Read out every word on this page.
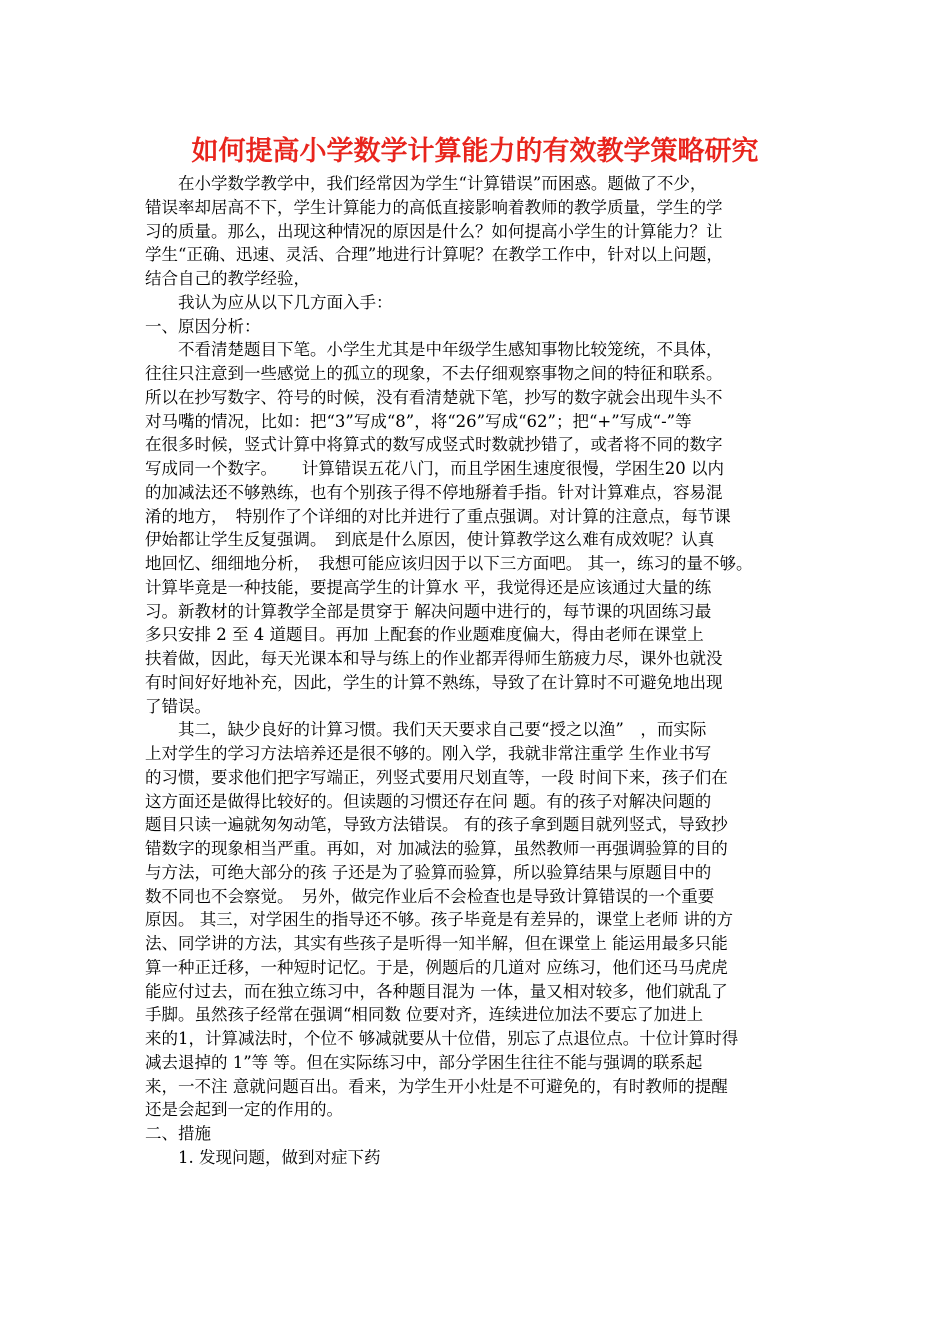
如何提高小学数学计算能力的有效教学策略研究
　　在小学数学教学中，我们经常因为学生“计算错误”而困惑。题做了不少，
错误率却居高不下，学生计算能力的高低直接影响着教师的教学质量，学生的学
习的质量。那么，出现这种情况的原因是什么？如何提高小学生的计算能力？让
学生“正确、迅速、灵活、合理”地进行计算呢？在教学工作中，针对以上问题，
结合自己的教学经验，
　　我认为应从以下几方面入手：
一、原因分析：
　　不看清楚题目下笔。小学生尤其是中年级学生感知事物比较笼统，不具体，
往往只注意到一些感觉上的孤立的现象，不去仔细观察事物之间的特征和联系。
所以在抄写数字、符号的时候，没有看清楚就下笔，抄写的数字就会出现牛头不
对马嘴的情况，比如：把“3”写成“8”，将“26”写成“62”；把“+”写成“-”等
在很多时候，竖式计算中将算式的数写成竖式时数就抄错了，或者将不同的数字
写成同一个数字。　　计算错误五花八门，而且学困生速度很慢，学困生20 以内
的加减法还不够熟练，也有个别孩子得不停地掰着手指。针对计算难点，容易混
淆的地方，　特别作了个详细的对比并进行了重点强调。对计算的注意点，每节课
伊始都让学生反复强调。　到底是什么原因，使计算教学这么难有成效呢？认真
地回忆、细细地分析，　我想可能应该归因于以下三方面吧。 其一，练习的量不够。
计算毕竟是一种技能，要提高学生的计算水 平，我觉得还是应该通过大量的练
习。新教材的计算教学全部是贯穿于 解决问题中进行的，每节课的巩固练习最
多只安排 2 至 4 道题目。再加 上配套的作业题难度偏大，得由老师在课堂上
扶着做，因此，每天光课本和导与练上的作业都弄得师生筋疲力尽，课外也就没
有时间好好地补充，因此，学生的计算不熟练，导致了在计算时不可避免地出现
了错误。
　　其二，缺少良好的计算习惯。我们天天要求自己要“授之以渔”　，而实际
上对学生的学习方法培养还是很不够的。刚入学，我就非常注重学 生作业书写
的习惯，要求他们把字写端正，列竖式要用尺划直等，一段 时间下来，孩子们在
这方面还是做得比较好的。但读题的习惯还存在问 题。有的孩子对解决问题的
题目只读一遍就匆匆动笔，导致方法错误。 有的孩子拿到题目就列竖式，导致抄
错数字的现象相当严重。再如，对 加减法的验算，虽然教师一再强调验算的目的
与方法，可绝大部分的孩 子还是为了验算而验算，所以验算结果与原题目中的
数不同也不会察觉。　另外，做完作业后不会检查也是导致计算错误的一个重要
原因。 其三，对学困生的指导还不够。孩子毕竟是有差异的，课堂上老师 讲的方
法、同学讲的方法，其实有些孩子是听得一知半解，但在课堂上 能运用最多只能
算一种正迁移，一种短时记忆。于是，例题后的几道对 应练习，他们还马马虎虎
能应付过去，而在独立练习中，各种题目混为 一体，量又相对较多，他们就乱了
手脚。虽然孩子经常在强调“相同数 位要对齐，连续进位加法不要忘了加进上
来的1，计算减法时，个位不 够减就要从十位借，别忘了点退位点。十位计算时得
减去退掉的 1”等 等。但在实际练习中，部分学困生往往不能与强调的联系起
来，一不注 意就问题百出。看来，为学生开小灶是不可避免的，有时教师的提醒
还是会起到一定的作用的。
二、措施
　　1. 发现问题，做到对症下药
